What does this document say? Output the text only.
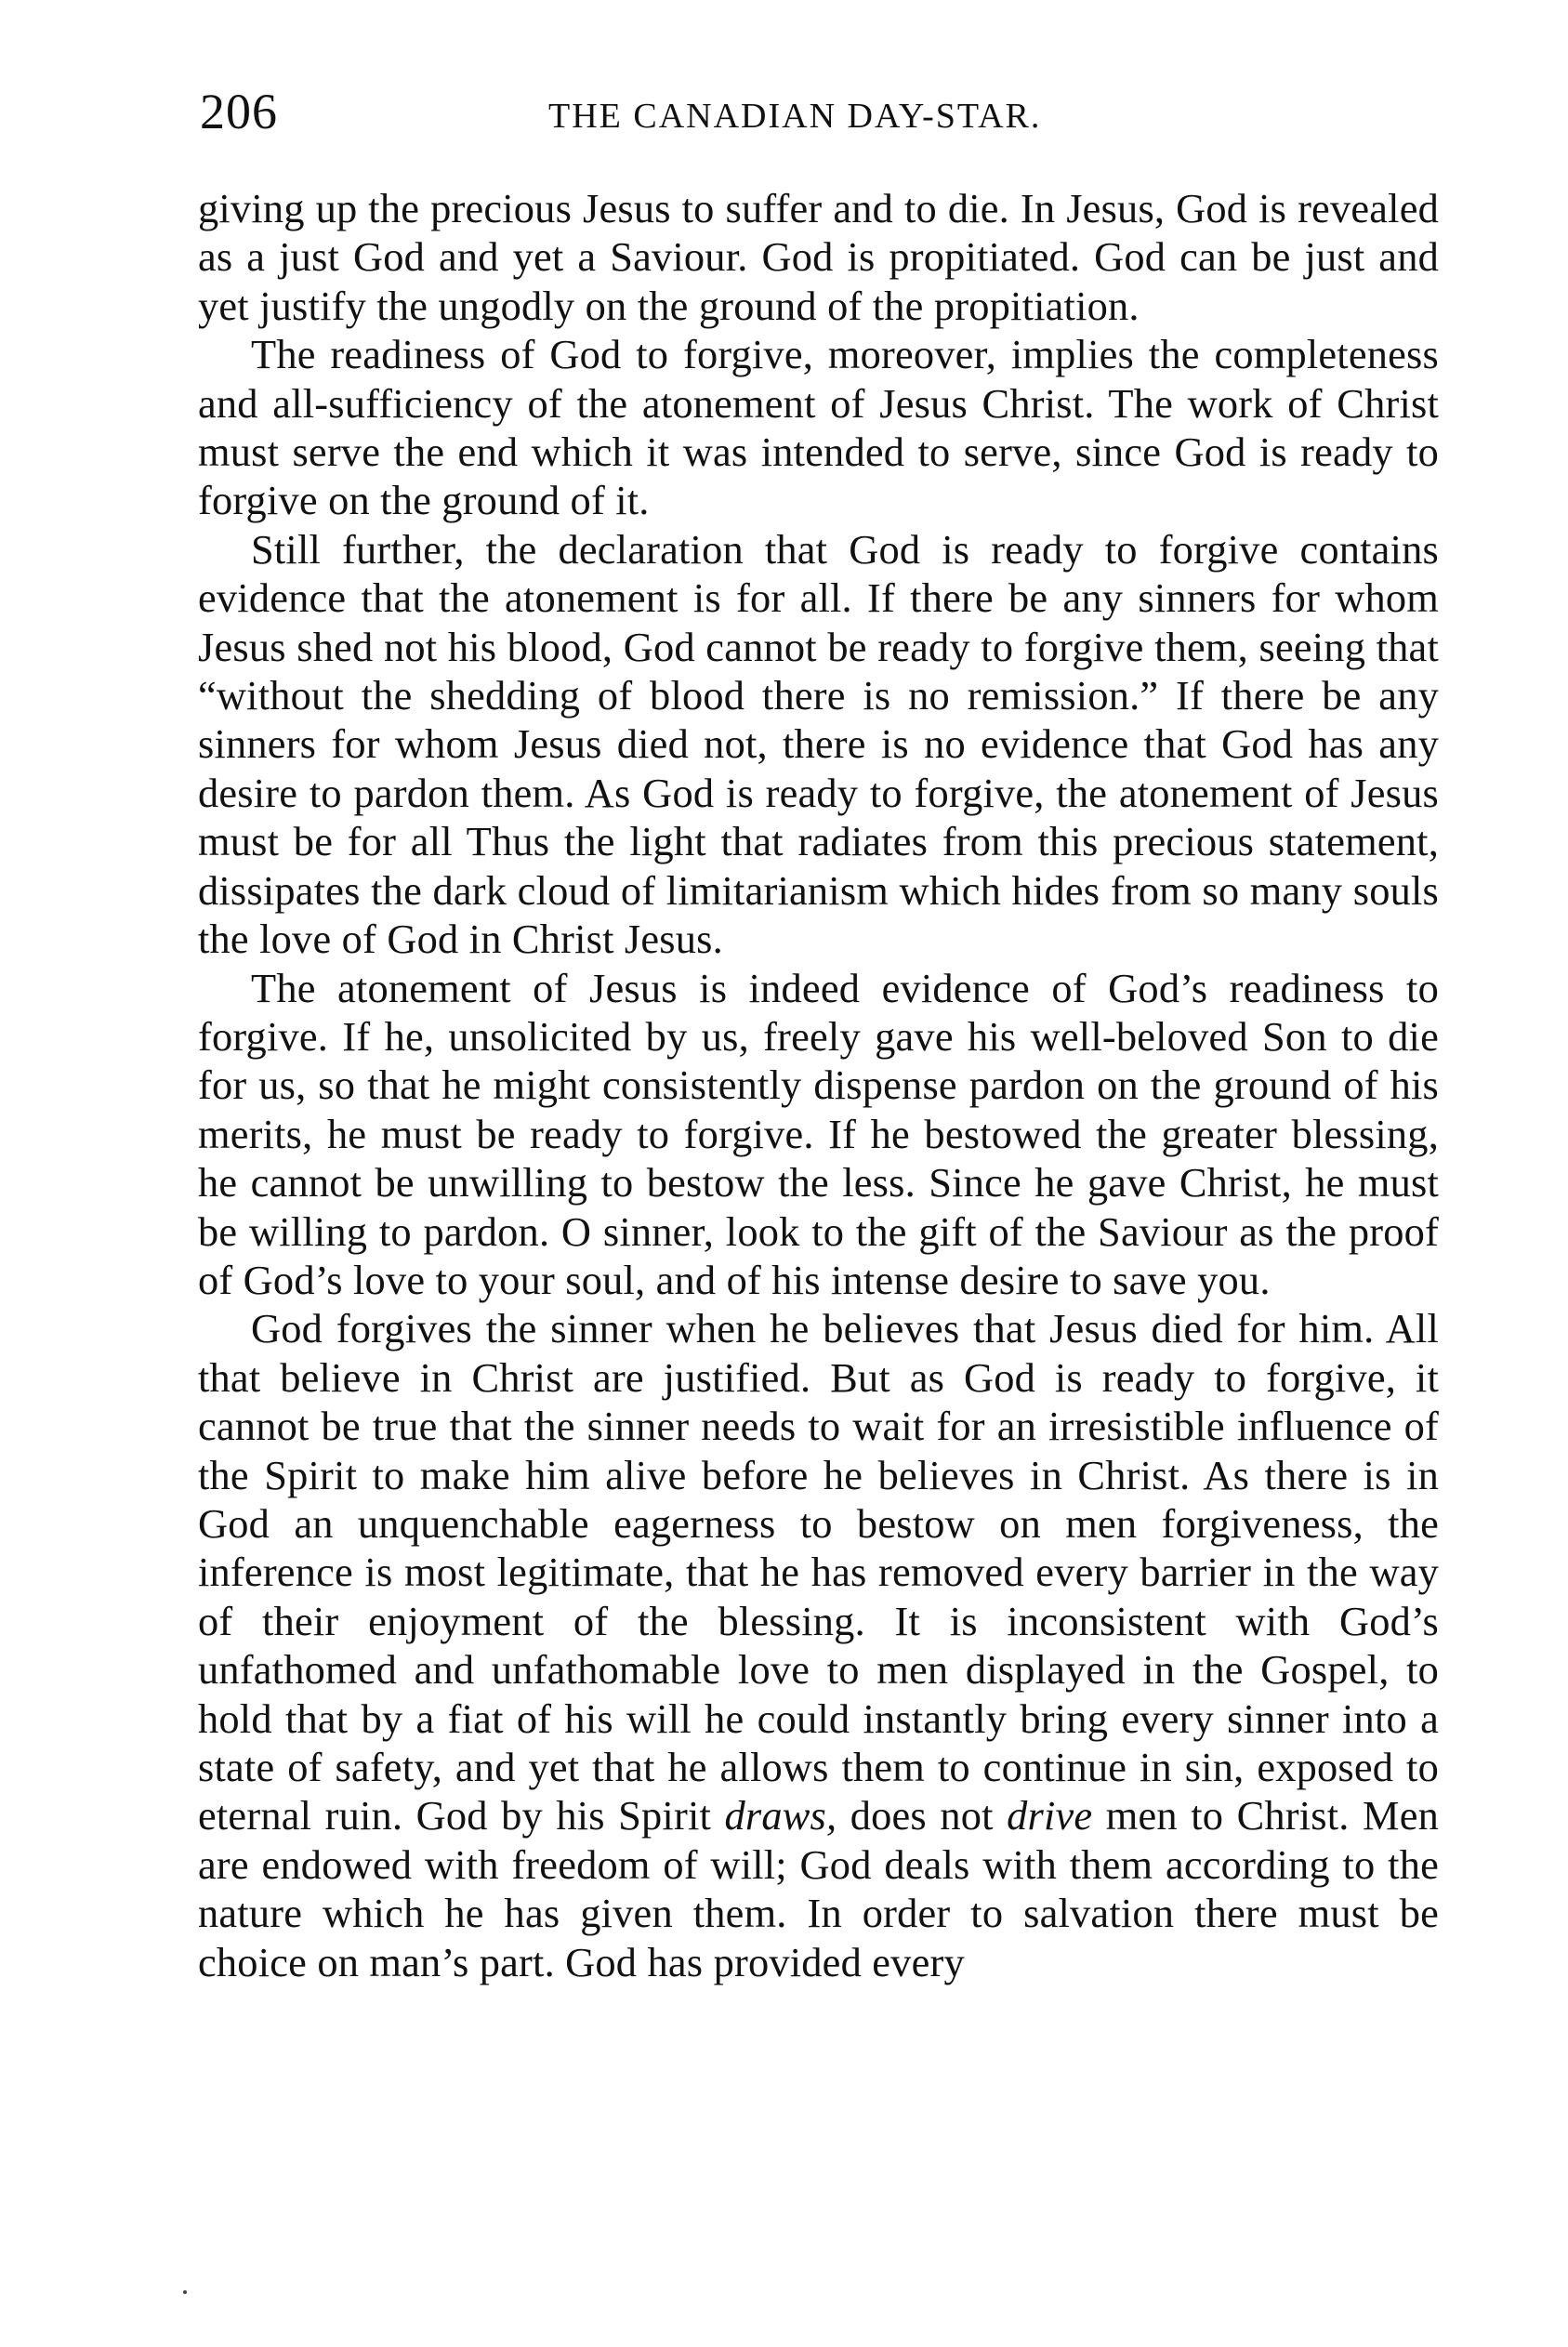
206	THE CANADIAN DAY-STAR.

giving up the precious Jesus to suffer and to die. In Jesus, God is revealed as a just God and yet a Saviour. God is propitiated. God can be just and yet justify the ungodly on the ground of the propitiation.

The readiness of God to forgive, moreover, implies the completeness and all-sufficiency of the atonement of Jesus Christ. The work of Christ must serve the end which it was intended to serve, since God is ready to forgive on the ground of it.

Still further, the declaration that God is ready to forgive contains evidence that the atonement is for all. If there be any sinners for whom Jesus shed not his blood, God cannot be ready to forgive them, seeing that “without the shedding of blood there is no remission.” If there be any sinners for whom Jesus died not, there is no evidence that God has any desire to pardon them. As God is ready to forgive, the atonement of Jesus must be for all Thus the light that radiates from this precious statement, dissipates the dark cloud of limitarianism which hides from so many souls the love of God in Christ Jesus.

The atonement of Jesus is indeed evidence of God’s readiness to forgive. If he, unsolicited by us, freely gave his well-beloved Son to die for us, so that he might consistently dispense pardon on the ground of his merits, he must be ready to forgive. If he bestowed the greater blessing, he cannot be unwilling to bestow the less. Since he gave Christ, he must be willing to pardon. O sinner, look to the gift of the Saviour as the proof of God’s love to your soul, and of his intense desire to save you.

God forgives the sinner when he believes that Jesus died for him. All that believe in Christ are justified. But as God is ready to forgive, it cannot be true that the sinner needs to wait for an irresistible influence of the Spirit to make him alive before he believes in Christ. As there is in God an unquenchable eagerness to bestow on men forgiveness, the inference is most legitimate, that he has removed every barrier in the way of their enjoyment of the blessing. It is inconsistent with God’s unfathomed and unfathomable love to men displayed in the Gospel, to hold that by a fiat of his will he could instantly bring every sinner into a state of safety, and yet that he allows them to continue in sin, exposed to eternal ruin. God by his Spirit draws, does not drive men to Christ. Men are endowed with freedom of will; God deals with them according to the nature which he has given them. In order to salvation there must be choice on man’s part. God has provided every
